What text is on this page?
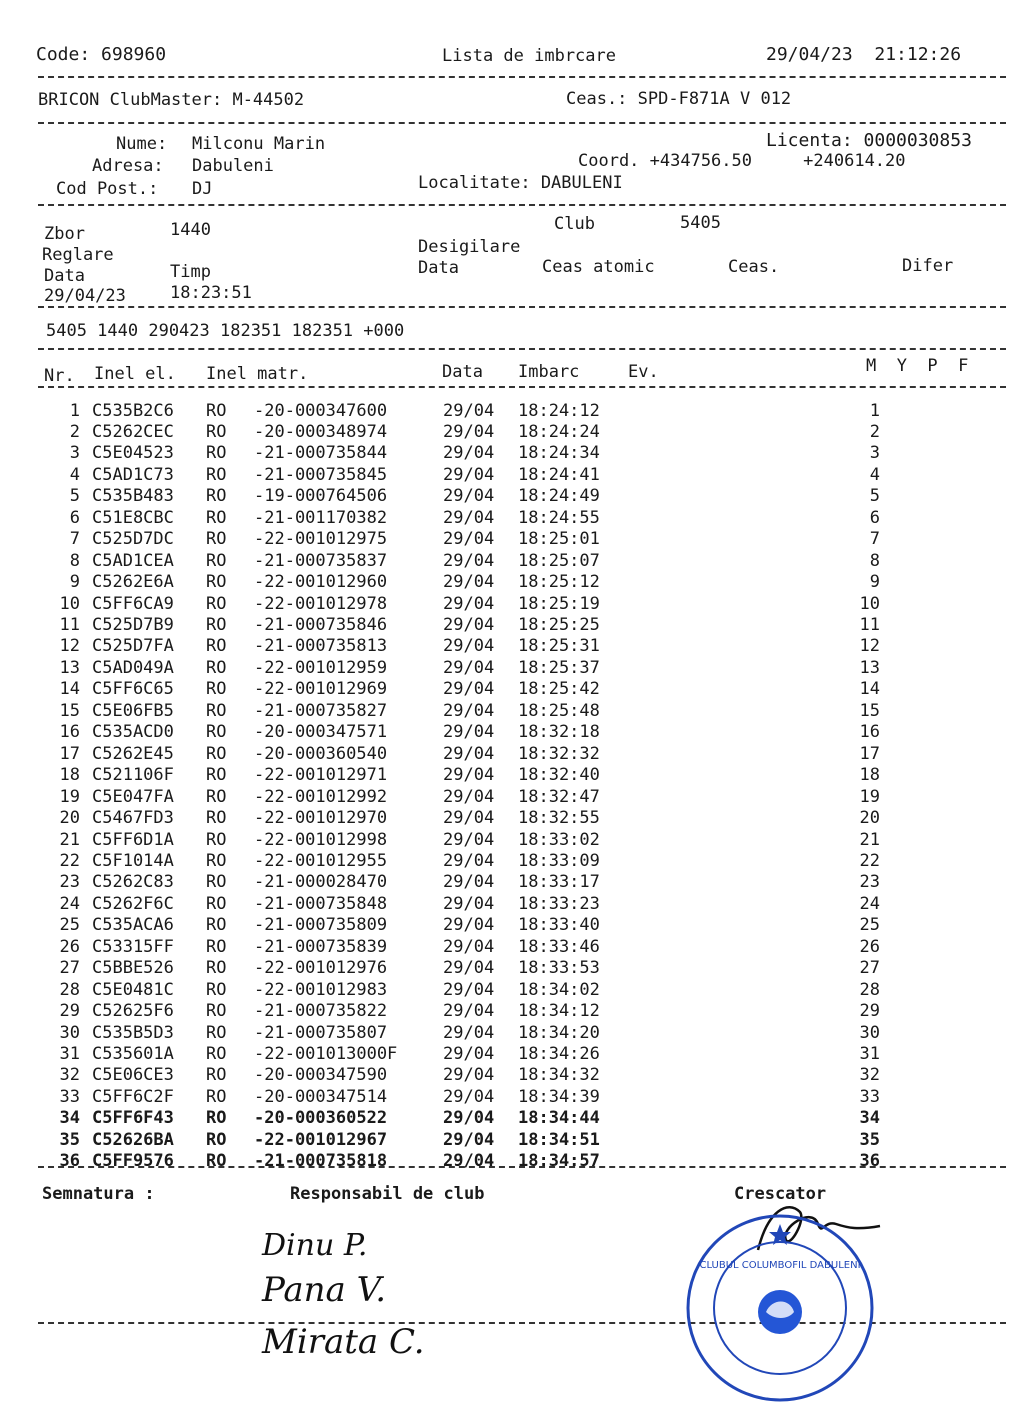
Code: 698960	Lista de imbrcare	29/04/23  21:12:26
BRICON ClubMaster: M-44502	Ceas.: SPD-F871A V 012
Nume: Milconu Marin
Adresa: Dabuleni
Cod Post.: DJ
Licenta: 0000030853
Coord. +434756.50     +240614.20
Localitate: DABULENI
Zbor	1440	Club	5405
Reglare	Desigilare
Data	Timp	Data	Ceas atomic	Ceas.	Difer
29/04/23	18:23:51
5405 1440 290423 182351 182351 +000
Nr. Inel el. Inel matr.	Data Imbarc	Ev.	M  Y  P  F
1 C535B2C6 RO -20-000347600	29/04 18:24:12	1
2 C5262CEC RO -20-000348974	29/04 18:24:24	2
3 C5E04523 RO -21-000735844	29/04 18:24:34	3
4 C5AD1C73 RO -21-000735845	29/04 18:24:41	4
5 C535B483 RO -19-000764506	29/04 18:24:49	5
6 C51E8CBC RO -21-001170382	29/04 18:24:55	6
7 C525D7DC RO -22-001012975	29/04 18:25:01	7
8 C5AD1CEA RO -21-000735837	29/04 18:25:07	8
9 C5262E6A RO -22-001012960	29/04 18:25:12	9
10 C5FF6CA9 RO -22-001012978	29/04 18:25:19	10
11 C525D7B9 RO -21-000735846	29/04 18:25:25	11
12 C525D7FA RO -21-000735813	29/04 18:25:31	12
13 C5AD049A RO -22-001012959	29/04 18:25:37	13
14 C5FF6C65 RO -22-001012969	29/04 18:25:42	14
15 C5E06FB5 RO -21-000735827	29/04 18:25:48	15
16 C535ACD0 RO -20-000347571	29/04 18:32:18	16
17 C5262E45 RO -20-000360540	29/04 18:32:32	17
18 C521106F RO -22-001012971	29/04 18:32:40	18
19 C5E047FA RO -22-001012992	29/04 18:32:47	19
20 C5467FD3 RO -22-001012970	29/04 18:32:55	20
21 C5FF6D1A RO -22-001012998	29/04 18:33:02	21
22 C5F1014A RO -22-001012955	29/04 18:33:09	22
23 C5262C83 RO -21-000028470	29/04 18:33:17	23
24 C5262F6C RO -21-000735848	29/04 18:33:23	24
25 C535ACA6 RO -21-000735809	29/04 18:33:40	25
26 C53315FF RO -21-000735839	29/04 18:33:46	26
27 C5BBE526 RO -22-001012976	29/04 18:33:53	27
28 C5E0481C RO -22-001012983	29/04 18:34:02	28
29 C52625F6 RO -21-000735822	29/04 18:34:12	29
30 C535B5D3 RO -21-000735807	29/04 18:34:20	30
31 C535601A RO -22-001013000F	29/04 18:34:26	31
32 C5E06CE3 RO -20-000347590	29/04 18:34:32	32
33 C5FF6C2F RO -20-000347514	29/04 18:34:39	33
34 C5FF6F43 RO -20-000360522	29/04 18:34:44	34
35 C52626BA RO -22-001012967	29/04 18:34:51	35
36 C5FF9576 RO -21-000735818	29/04 18:34:57	36
Semnatura :	Responsabil de club	Crescator
Dinu P.
Pana V.
Mirata C.
CLUBUL COLUMBOFIL DABULENI
